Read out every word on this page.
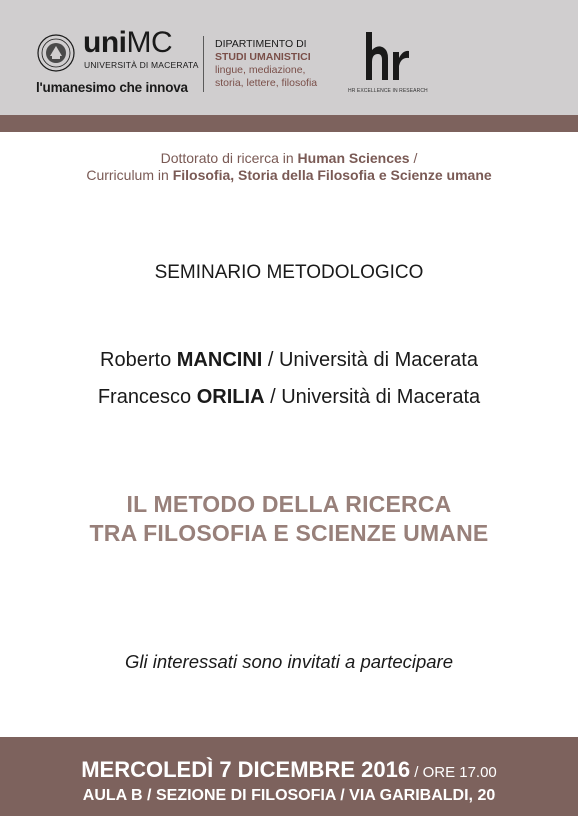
uniMC
UNIVERSITÀ DI MACERATA
l'umanesimo che innova
DIPARTIMENTO DI
STUDI UMANISTICI
lingue, mediazione,
storia, lettere, filosofia
HR EXCELLENCE IN RESEARCH
Dottorato di ricerca in Human Sciences /
Curriculum in Filosofia, Storia della Filosofia e Scienze umane
SEMINARIO METODOLOGICO
Roberto MANCINI / Università di Macerata
Francesco ORILIA / Università di Macerata
IL METODO DELLA RICERCA
TRA FILOSOFIA E SCIENZE UMANE
Gli interessati sono invitati a partecipare
MERCOLEDÌ 7 DICEMBRE 2016 / ORE 17.00
AULA B / SEZIONE DI FILOSOFIA / VIA GARIBALDI, 20
